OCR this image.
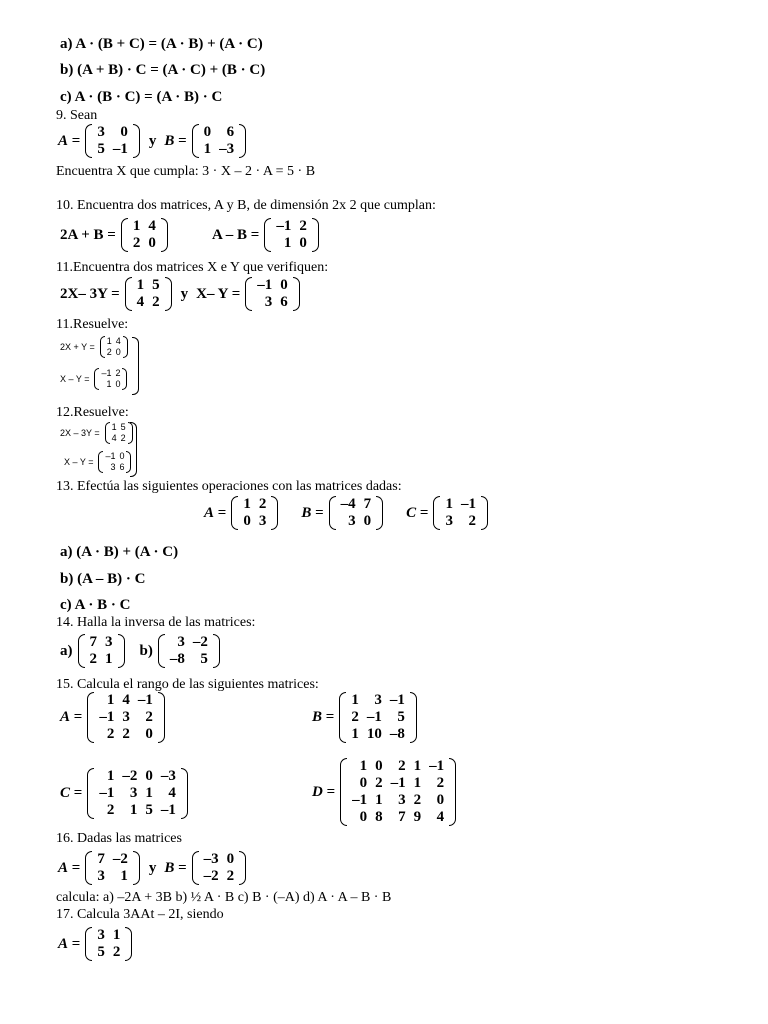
a) A · (B + C) = (A · B) + (A · C)
b) (A + B) · C = (A · C) + (B · C)
c) A · (B · C) = (A · B) · C
9. Sean
A =
3	0
5	–1
y B =
0	6
1	–3
Encuentra X que cumpla: 3 · X – 2 · A = 5 · B
10. Encuentra dos matrices, A y B, de dimensión 2x 2 que cumplan:
2A + B =
1	4
2	0
A – B =
–1	2
1	0
11.Encuentra dos matrices X e Y que verifiquen:
2X– 3Y =
1	5
4	2
y X– Y =
–1	0
3	6
11.Resuelve:
2X + Y =
1	4
2	0
X – Y =
–1	2
1	0
12.Resuelve:
2X – 3Y =
1	5
4	2
X – Y =
–1	0
3	6
13. Efectúa las siguientes operaciones con las matrices dadas:
A =
1	2
0	3
B =
–4	7
3	0
C =
1	–1
3	2
a) (A · B) + (A · C)
b) (A – B) · C
c) A · B · C
14. Halla la inversa de las matrices:
a)
7	3
2	1
b)
3	–2
–8	5
15. Calcula el rango de las siguientes matrices:
A =
1	4	–1
–1	3	2
2	2	0
B =
1	3	–1
2	–1	5
1	10	–8
C =
1	–2	0	–3
–1	3	1	4
2	1	5	–1
D =
1	0	2	1	–1
0	2	–1	1	2
–1	1	3	2	0
0	8	7	9	4
16. Dadas las matrices
A =
7	–2
3	1
y B =
–3	0
–2	2
calcula: a) –2A + 3B b) ½ A · B c) B · (–A) d) A · A – B · B
17. Calcula 3AAt – 2I, siendo
A =
3	1
5	2
